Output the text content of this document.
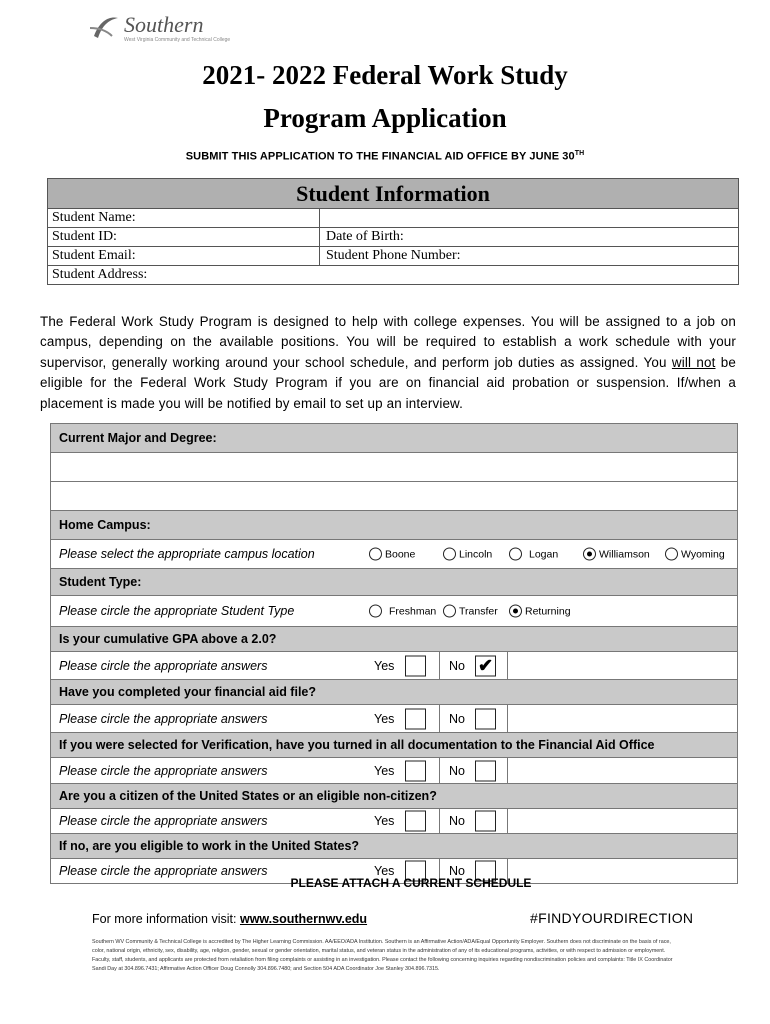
Southern
West Virginia Community and Technical College
2021- 2022 Federal Work Study
Program Application
SUBMIT THIS APPLICATION TO THE FINANCIAL AID OFFICE BY JUNE 30TH
Student Information
Student Name:
Student ID:	Date of Birth:
Student Email:	Student Phone Number:
Student Address:
The Federal Work Study Program is designed to help with college expenses. You will be assigned to a job on campus, depending on the available positions. You will be required to establish a work schedule with your supervisor, generally working around your school schedule, and perform job duties as assigned. You will not be eligible for the Federal Work Study Program if you are on financial aid probation or suspension. If/when a placement is made you will be notified by email to set up an interview.
Current Major and Degree:
Home Campus:
Please select the appropriate campus location	Boone	Lincoln	Logan	Williamson	Wyoming
Student Type:
Please circle the appropriate Student Type	Freshman Transfer	Returning
Is your cumulative GPA above a 2.0?
Please circle the appropriate answers	Yes	No ✔
Have you completed your financial aid file?
Please circle the appropriate answers	Yes	No
If you were selected for Verification, have you turned in all documentation to the Financial Aid Office
Please circle the appropriate answers	Yes	No
Are you a citizen of the United States or an eligible non-citizen?
Please circle the appropriate answers	Yes	No
If no, are you eligible to work in the United States?
Please circle the appropriate answers	Yes	No
PLEASE ATTACH A CURRENT SCHEDULE
For more information visit: www.southernwv.edu	#FINDYOURDIRECTION
Southern WV Community & Technical College is accredited by The Higher Learning Commission. AA/EEO/ADA Institution. Southern is an Affirmative Action/ADA/Equal Opportunity Employer. Southern does not discriminate on the basis of race, color, national origin, ethnicity, sex, disability, age, religion, gender, sexual or gender orientation, marital status, and veteran status in the administration of any of its educational programs, activities, or with respect to admission or employment. Faculty, staff, students, and applicants are protected from retaliation from filing complaints or assisting in an investigation. Please contact the following concerning inquiries regarding nondiscrimination policies and complaints: Title IX Coordinator Sandi Day at 304.896.7431; Affirmative Action Officer Doug Connolly 304.896.7480; and Section 504 ADA Coordinator Joe Stanley 304.896.7315.
